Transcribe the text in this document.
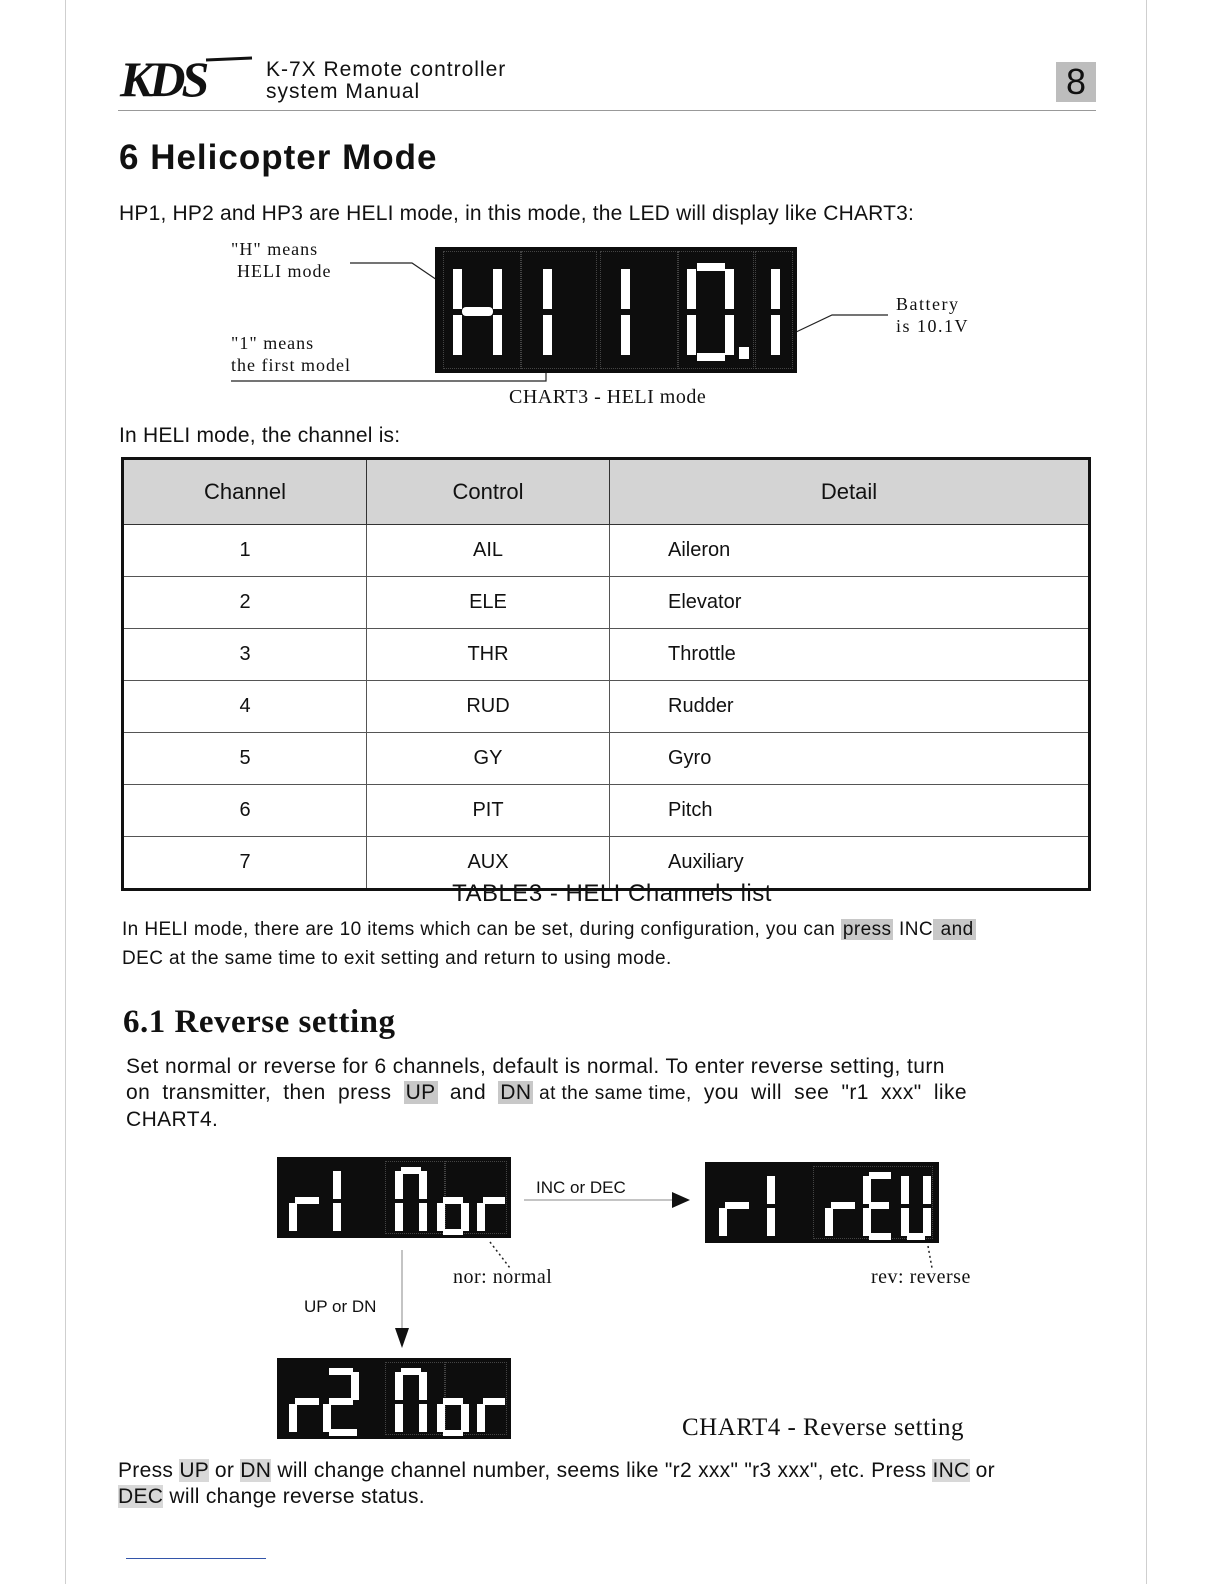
KDS	K-7X Remote controller
system Manual	8
6 Helicopter Mode
HP1, HP2 and HP3 are HELI mode, in this mode, the LED will display like CHART3:
"H" means
HELI mode
"1" means
the first model
Battery
is 10.1V
CHART3 - HELI mode
In HELI mode, the channel is:
Channel	Control	Detail
1	AIL	Aileron
2	ELE	Elevator
3	THR	Throttle
4	RUD	Rudder
5	GY	Gyro
6	PIT	Pitch
7	AUX	Auxiliary
TABLE3 - HELI Channels list
In HELI mode, there are 10 items which can be set, during configuration, you can press INC and
DEC at the same time to exit setting and return to using mode.
6.1 Reverse setting
Set normal or reverse for 6 channels, default is normal. To enter reverse setting, turn
on transmitter, then press UP and DN at the same time, you will see "r1 xxx" like
CHART4.
INC or DEC
UP or DN
nor: normal	rev: reverse
CHART4 - Reverse setting
Press UP or DN will change channel number, seems like "r2 xxx" "r3 xxx", etc. Press INC or
DEC will change reverse status.
